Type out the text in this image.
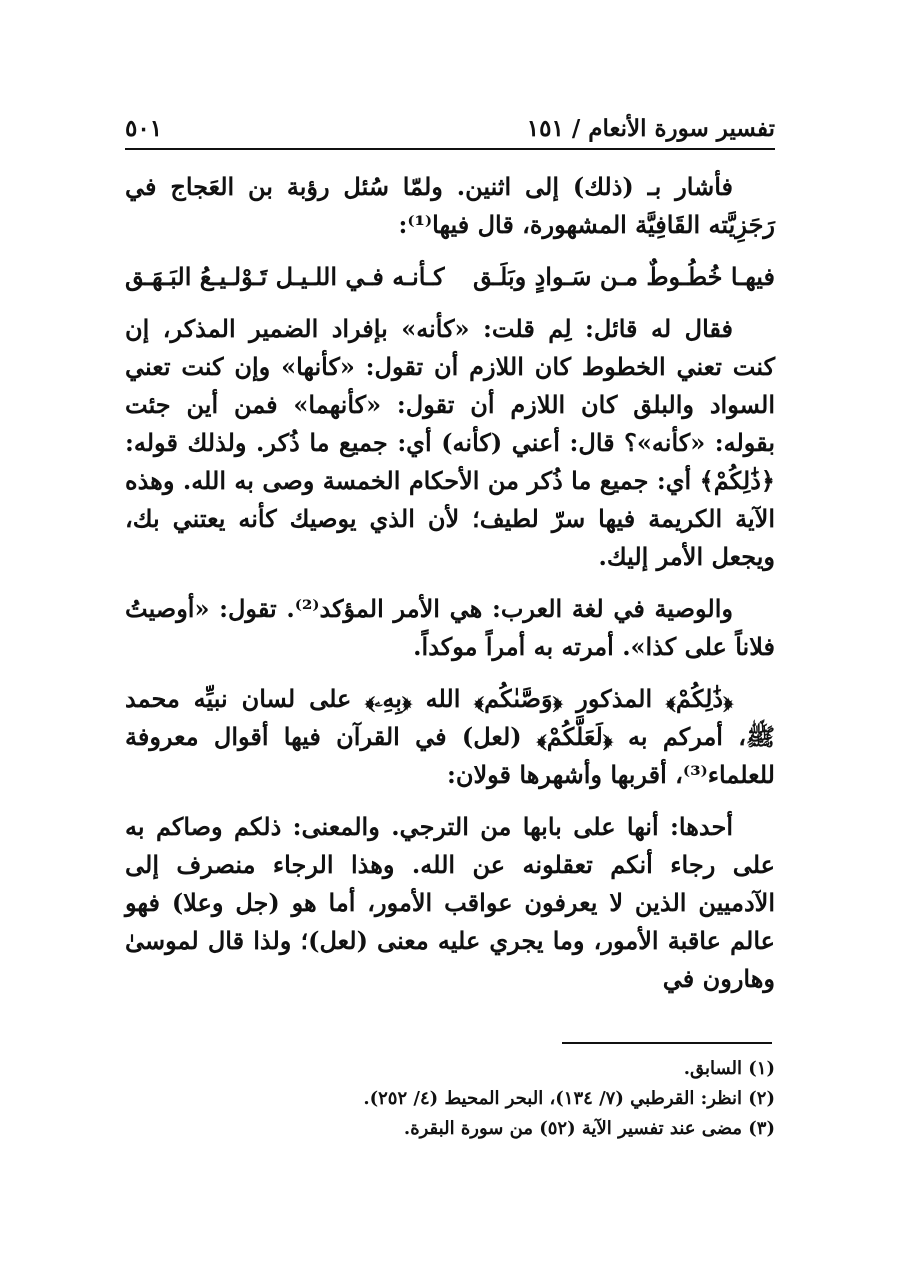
تفسير سورة الأنعام / ١٥١
٥٠١

فأشار بـ (ذلك) إلى اثنين. ولمّا سُئل رؤبة بن العَجاج في رَجَزِيَّته القَافِيَّة المشهورة، قال فيها⁽¹⁾:

فيهـا خُطُـوطٌ مـن سَـوادٍ وبَلَـق
كـأنـه فـي اللـيـل تَـوْلـيـعُ البَـهَـق

فقال له قائل: لِم قلت: «كأنه» بإفراد الضمير المذكر، إن كنت تعني الخطوط كان اللازم أن تقول: «كأنها» وإن كنت تعني السواد والبلق كان اللازم أن تقول: «كأنهما» فمن أين جئت بقوله: «كأنه»؟ قال: أعني (كأنه) أي: جميع ما ذُكر. ولذلك قوله: ﴿ذَٰلِكُمْ﴾ أي: جميع ما ذُكر من الأحكام الخمسة وصى به الله. وهذه الآية الكريمة فيها سرّ لطيف؛ لأن الذي يوصيك كأنه يعتني بك، ويجعل الأمر إليك.

والوصية في لغة العرب: هي الأمر المؤكد⁽²⁾. تقول: «أوصيتُ فلاناً على كذا». أمرته به أمراً موكداً.

﴿ذَٰلِكُمْ﴾ المذكور ﴿وَصَّىٰكُم﴾ الله ﴿بِهِۦ﴾ على لسان نبيِّه محمد ﷺ، أمركم به ﴿لَعَلَّكُمْ﴾ (لعل) في القرآن فيها أقوال معروفة للعلماء⁽³⁾، أقربها وأشهرها قولان:

أحدها: أنها على بابها من الترجي. والمعنى: ذلكم وصاكم به على رجاء أنكم تعقلونه عن الله. وهذا الرجاء منصرف إلى الآدميين الذين لا يعرفون عواقب الأمور، أما هو (جل وعلا) فهو عالم عاقبة الأمور، وما يجري عليه معنى (لعل)؛ ولذا قال لموسىٰ وهارون في

(١) السابق.
(٢) انظر: القرطبي (٧/ ١٣٤)، البحر المحيط (٤/ ٢٥٢).
(٣) مضى عند تفسير الآية (٥٢) من سورة البقرة.
